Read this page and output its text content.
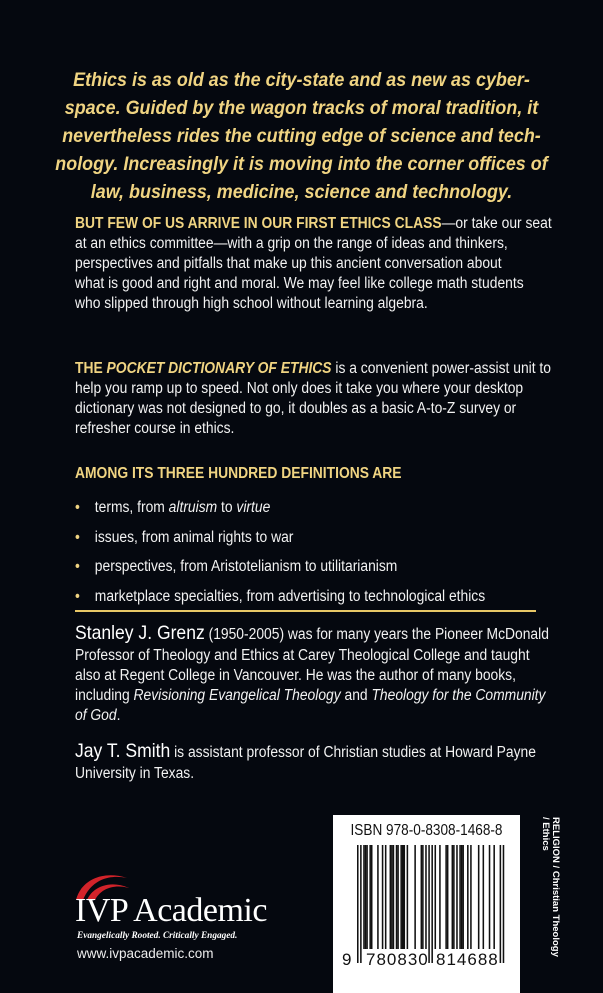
Ethics is as old as the city-state and as new as cyber-
space. Guided by the wagon tracks of moral tradition, it
nevertheless rides the cutting edge of science and tech-
nology. Increasingly it is moving into the corner offices of
law, business, medicine, science and technology.
BUT FEW OF US ARRIVE IN OUR FIRST ETHICS CLASS—or take our seat
at an ethics committee—with a grip on the range of ideas and thinkers,
perspectives and pitfalls that make up this ancient conversation about
what is good and right and moral. We may feel like college math students
who slipped through high school without learning algebra.
THE POCKET DICTIONARY OF ETHICS is a convenient power-assist unit to
help you ramp up to speed. Not only does it take you where your desktop
dictionary was not designed to go, it doubles as a basic A-to-Z survey or
refresher course in ethics.
AMONG ITS THREE HUNDRED DEFINITIONS ARE
• terms, from altruism to virtue
• issues, from animal rights to war
• perspectives, from Aristotelianism to utilitarianism
• marketplace specialties, from advertising to technological ethics
Stanley J. Grenz (1950-2005) was for many years the Pioneer McDonald
Professor of Theology and Ethics at Carey Theological College and taught
also at Regent College in Vancouver. He was the author of many books,
including Revisioning Evangelical Theology and Theology for the Community
of God.
Jay T. Smith is assistant professor of Christian studies at Howard Payne
University in Texas.
IVP Academic
Evangelically Rooted. Critically Engaged.
www.ivpacademic.com
ISBN 978-0-8308-1468-8
9 780830 814688
RELIGION / Christian Theology
/ Ethics
